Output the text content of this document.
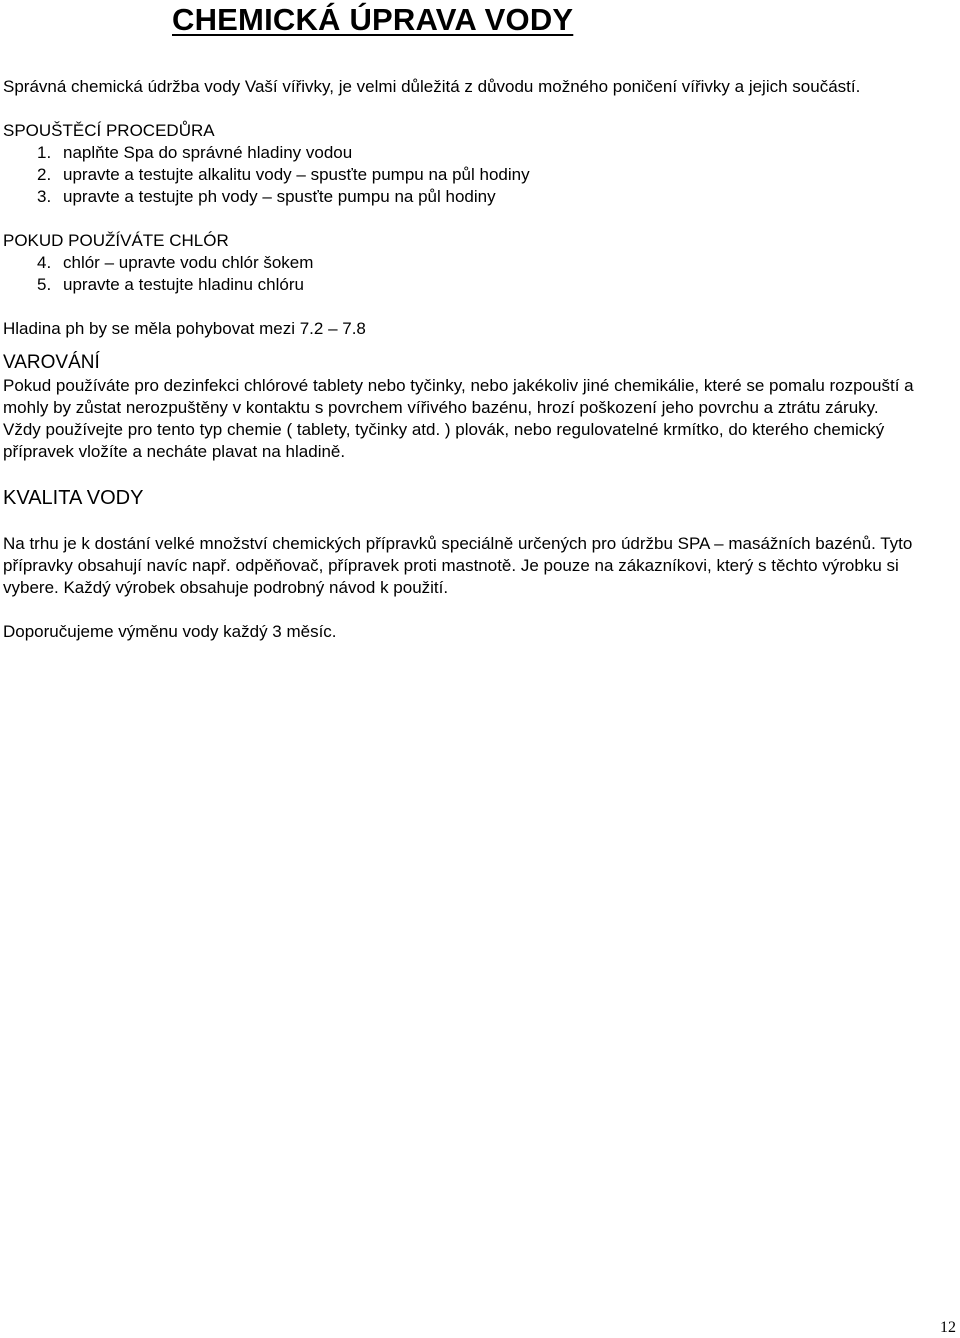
CHEMICKÁ ÚPRAVA VODY

Správná chemická údržba vody Vaší vířivky, je velmi důležitá z důvodu možného poničení vířivky a jejich součástí.

SPOUŠTĚCÍ PROCEDŮRA

1. naplňte Spa do správné hladiny vodou
2. upravte a testujte alkalitu vody – spusťte pumpu na půl hodiny
3. upravte a testujte ph vody – spusťte pumpu na půl hodiny

POKUD POUŽÍVÁTE CHLÓR

4. chlór – upravte vodu chlór šokem
5. upravte a testujte hladinu chlóru

Hladina ph by se měla pohybovat mezi 7.2 – 7.8

VAROVÁNÍ

Pokud používáte pro dezinfekci chlórové tablety nebo tyčinky, nebo jakékoliv jiné chemikálie, které se pomalu rozpouští a mohly by zůstat nerozpuštěny v kontaktu s povrchem vířivého bazénu, hrozí poškození jeho povrchu a ztrátu záruky.

Vždy používejte pro tento typ chemie ( tablety, tyčinky atd. ) plovák, nebo regulovatelné krmítko, do kterého chemický přípravek vložíte a necháte plavat na hladině.

KVALITA VODY

Na trhu je k dostání velké množství chemických přípravků speciálně určených pro údržbu SPA – masážních bazénů. Tyto přípravky obsahují navíc např. odpěňovač, přípravek proti mastnotě. Je pouze na zákazníkovi, který s těchto výrobku si vybere. Každý výrobek obsahuje podrobný návod k použití.

Doporučujeme výměnu vody každý 3 měsíc.

12
